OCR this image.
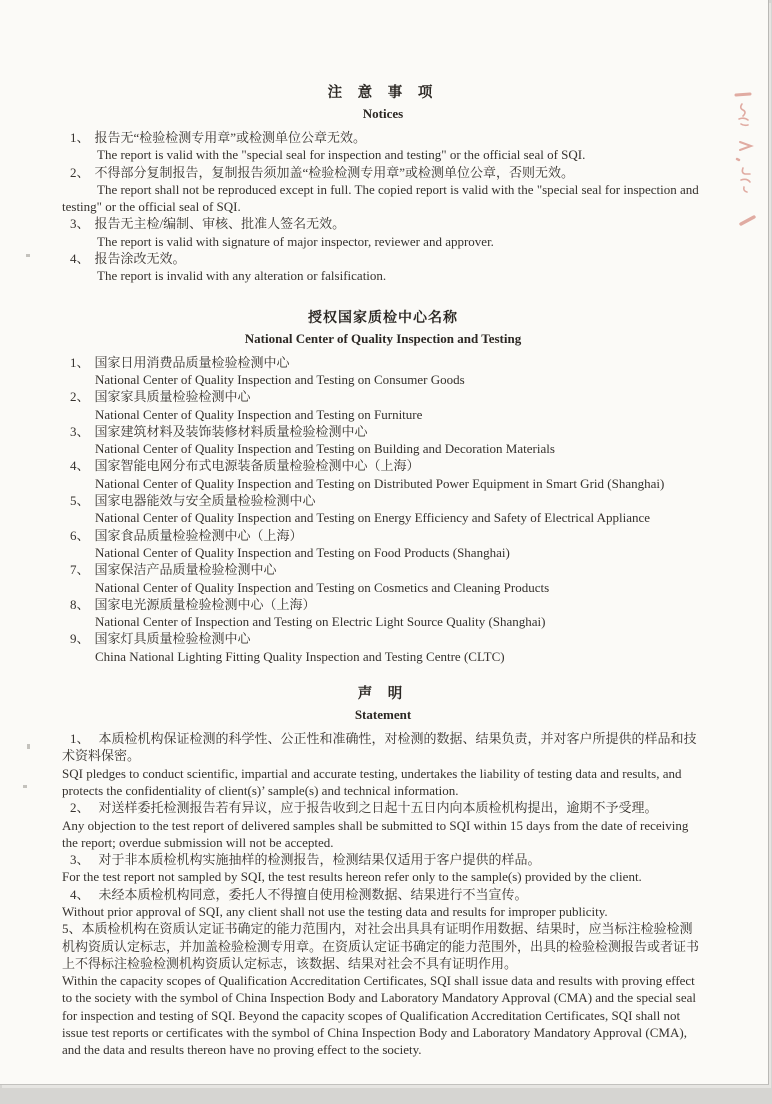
注 意 事 项
Notices

1、 报告无“检验检测专用章”或检测单位公章无效。

The report is valid with the "special seal for inspection and testing" or the official seal of SQI.

2、 不得部分复制报告，复制报告须加盖“检验检测专用章”或检测单位公章，否则无效。

The report shall not be reproduced except in full. The copied report is valid with the "special seal for inspection and testing" or the official seal of SQI.

3、 报告无主检/编制、审核、批准人签名无效。

The report is valid with signature of major inspector, reviewer and approver.

4、 报告涂改无效。

The report is invalid with any alteration or falsification.

授权国家质检中心名称
National Center of Quality Inspection and Testing

1、 国家日用消费品质量检验检测中心

National Center of Quality Inspection and Testing on Consumer Goods

2、 国家家具质量检验检测中心

National Center of Quality Inspection and Testing on Furniture

3、 国家建筑材料及装饰装修材料质量检验检测中心

National Center of Quality Inspection and Testing on Building and Decoration Materials

4、 国家智能电网分布式电源装备质量检验检测中心（上海）

National Center of Quality Inspection and Testing on Distributed Power Equipment in Smart Grid (Shanghai)

5、 国家电器能效与安全质量检验检测中心

National Center of Quality Inspection and Testing on Energy Efficiency and Safety of Electrical Appliance

6、 国家食品质量检验检测中心（上海）

National Center of Quality Inspection and Testing on Food Products (Shanghai)

7、 国家保洁产品质量检验检测中心

National Center of Quality Inspection and Testing on Cosmetics and Cleaning Products

8、 国家电光源质量检验检测中心（上海）

National Center of Inspection and Testing on Electric Light Source Quality (Shanghai)

9、 国家灯具质量检验检测中心

China National Lighting Fitting Quality Inspection and Testing Centre (CLTC)

声 明
Statement

1、 本质检机构保证检测的科学性、公正性和准确性，对检测的数据、结果负责，并对客户所提供的样品和技术资料保密。

SQI pledges to conduct scientific, impartial and accurate testing, undertakes the liability of testing data and results, and protects the confidentiality of client(s)’ sample(s) and technical information.

2、 对送样委托检测报告若有异议，应于报告收到之日起十五日内向本质检机构提出，逾期不予受理。

Any objection to the test report of delivered samples shall be submitted to SQI within 15 days from the date of receiving the report; overdue submission will not be accepted.

3、 对于非本质检机构实施抽样的检测报告，检测结果仅适用于客户提供的样品。

For the test report not sampled by SQI, the test results hereon refer only to the sample(s) provided by the client.

4、 未经本质检机构同意，委托人不得擅自使用检测数据、结果进行不当宣传。

Without prior approval of SQI, any client shall not use the testing data and results for improper publicity.

5、本质检机构在资质认定证书确定的能力范围内，对社会出具具有证明作用数据、结果时，应当标注检验检测机构资质认定标志，并加盖检验检测专用章。在资质认定证书确定的能力范围外，出具的检验检测报告或者证书上不得标注检验检测机构资质认定标志，该数据、结果对社会不具有证明作用。

Within the capacity scopes of Qualification Accreditation Certificates, SQI shall issue data and results with proving effect to the society with the symbol of China Inspection Body and Laboratory Mandatory Approval (CMA) and the special seal for inspection and testing of SQI. Beyond the capacity scopes of Qualification Accreditation Certificates, SQI shall not issue test reports or certificates with the symbol of China Inspection Body and Laboratory Mandatory Approval (CMA), and the data and results thereon have no proving effect to the society.
